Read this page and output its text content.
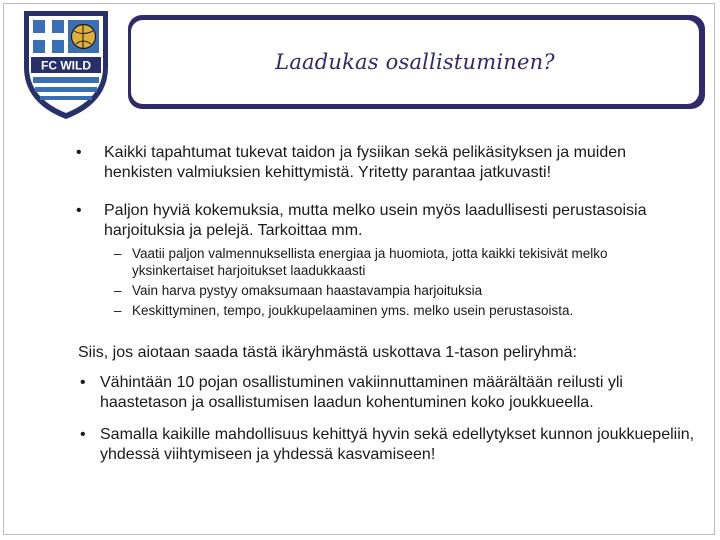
FC WILD	Laadukas osallistuminen?
• Kaikki tapahtumat tukevat taidon ja fysiikan sekä pelikäsityksen ja muiden henkisten valmiuksien kehittymistä. Yritetty parantaa jatkuvasti!
• Paljon hyviä kokemuksia, mutta melko usein myös laadullisesti perustasoisia harjoituksia ja pelejä. Tarkoittaa mm.
– Vaatii paljon valmennuksellista energiaa ja huomiota, jotta kaikki tekisivät melko yksinkertaiset harjoitukset laadukkaasti
– Vain harva pystyy omaksumaan haastavampia harjoituksia
– Keskittyminen, tempo, joukkupelaaminen yms. melko usein perustasoista.
Siis, jos aiotaan saada tästä ikäryhmästä uskottava 1-tason peliryhmä:
• Vähintään 10 pojan osallistuminen vakiinnuttaminen määrältään reilusti yli haastetason ja osallistumisen laadun kohentuminen koko joukkueella.
• Samalla kaikille mahdollisuus kehittyä hyvin sekä edellytykset kunnon joukkuepeliin, yhdessä viihtymiseen ja yhdessä kasvamiseen!
